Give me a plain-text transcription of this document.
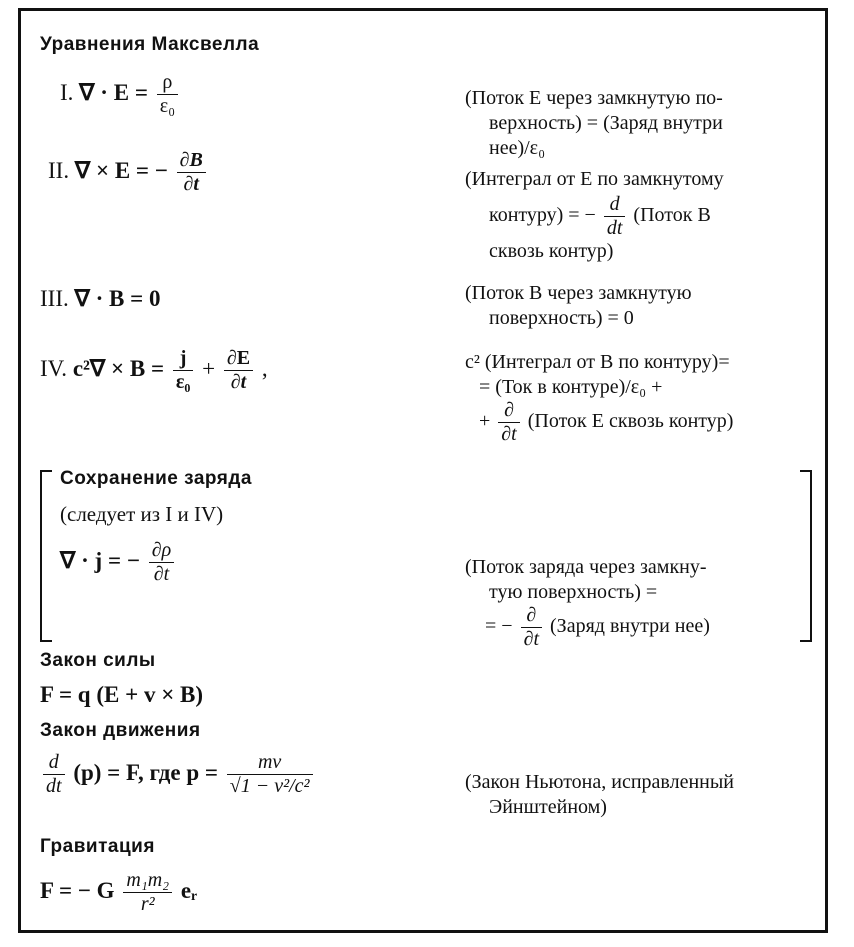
Уравнения Максвелла
I. ∇ · $E = \frac{\rho}{\text{ε₀}}$	(Поток E через замкнутую по-
верхность) = (Заряд внутри
нее)/ε₀
II. ∇ × E = − $\frac{\partial B}{\partial t}$	(Интеграл от E по замкнутому
контуру) = − $\frac{d}{dt}$ (Поток B
сквозь контур)
III. ∇ · B = 0	(Поток B через замкнутую
поверхность) = 0
IV. $c^2\nabla \times B = \frac{j}{\text{ε₀}} + \frac{\partial E}{\partial t}$ ,	c² (Интеграл от B по контуру)=
= (Ток в контуре)/ε₀ +
+ $\frac{\partial}{\partial t}$ (Поток E сквозь контур)
Сохранение заряда
(следует из I и IV)
∇ · j = − $\frac{\partial\rho}{\partial t}$	(Поток заряда через замкну-
тую поверхность) =
= − $\frac{\partial}{\partial t}$ (Заряд внутри нее)
Закон силы
F = q (E + v × B)
Закон движения
$\frac{d}{dt} (p) = F$, где $p = \frac{mv}{\text{√1 − v²/c²}}$	(Закон Ньютона, исправленный
Эйнштейном)
Гравитация
F = − G $\frac{\text{m₁m₂}}{\text{r²}}$ eᵣ
